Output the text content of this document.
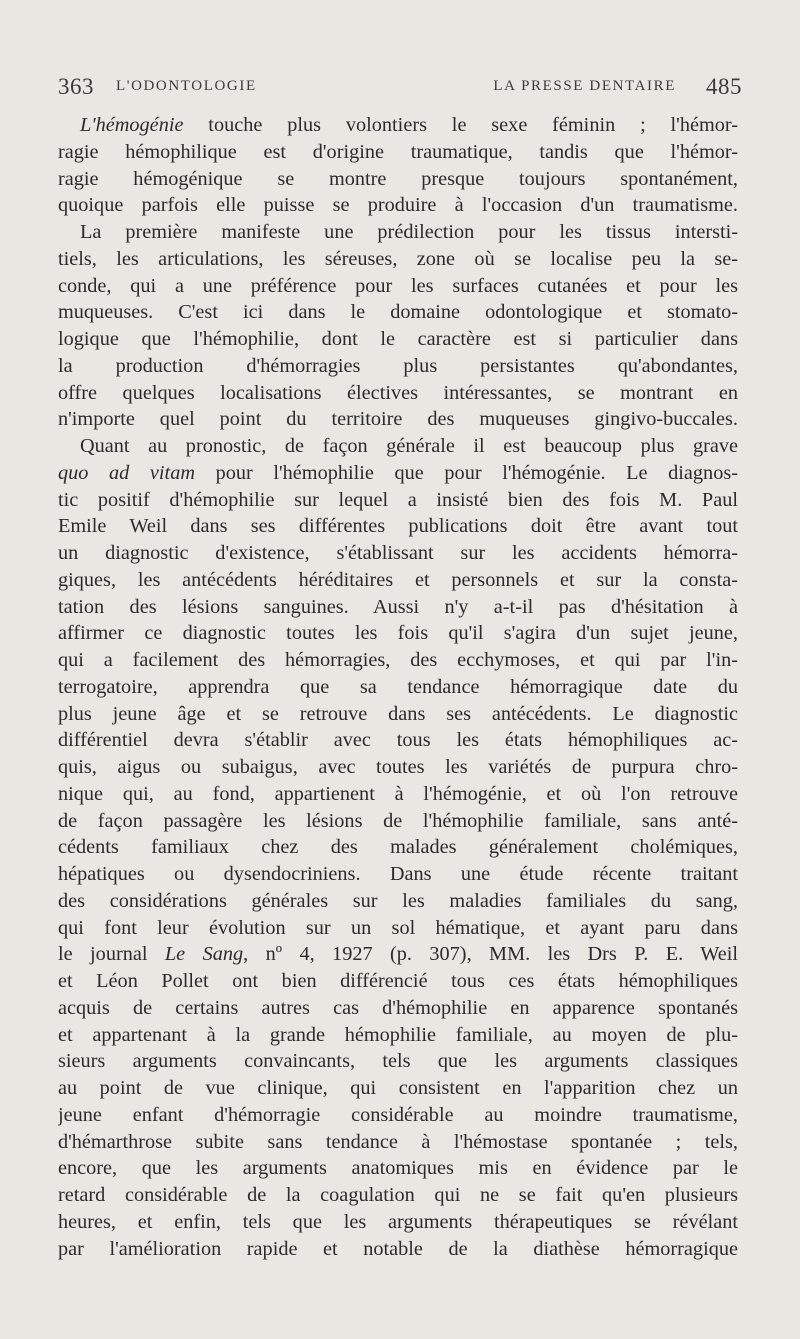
363 L'ODONTOLOGIE	LA PRESSE DENTAIRE 485
L'hémogénie touche plus volontiers le sexe féminin ; l'hémor-
ragie hémophilique est d'origine traumatique, tandis que l'hémor-
ragie hémogénique se montre presque toujours spontanément,
quoique parfois elle puisse se produire à l'occasion d'un traumatisme.
La première manifeste une prédilection pour les tissus intersti-
tiels, les articulations, les séreuses, zone où se localise peu la se-
conde, qui a une préférence pour les surfaces cutanées et pour les
muqueuses. C'est ici dans le domaine odontologique et stomato-
logique que l'hémophilie, dont le caractère est si particulier dans
la production d'hémorragies plus persistantes qu'abondantes,
offre quelques localisations électives intéressantes, se montrant en
n'importe quel point du territoire des muqueuses gingivo-buccales.
Quant au pronostic, de façon générale il est beaucoup plus grave
quo ad vitam pour l'hémophilie que pour l'hémogénie. Le diagnos-
tic positif d'hémophilie sur lequel a insisté bien des fois M. Paul
Emile Weil dans ses différentes publications doit être avant tout
un diagnostic d'existence, s'établissant sur les accidents hémorra-
giques, les antécédents héréditaires et personnels et sur la consta-
tation des lésions sanguines. Aussi n'y a-t-il pas d'hésitation à
affirmer ce diagnostic toutes les fois qu'il s'agira d'un sujet jeune,
qui a facilement des hémorragies, des ecchymoses, et qui par l'in-
terrogatoire, apprendra que sa tendance hémorragique date du
plus jeune âge et se retrouve dans ses antécédents. Le diagnostic
différentiel devra s'établir avec tous les états hémophiliques ac-
quis, aigus ou subaigus, avec toutes les variétés de purpura chro-
nique qui, au fond, appartienent à l'hémogénie, et où l'on retrouve
de façon passagère les lésions de l'hémophilie familiale, sans anté-
cédents familiaux chez des malades généralement cholémiques,
hépatiques ou dysendocriniens. Dans une étude récente traitant
des considérations générales sur les maladies familiales du sang,
qui font leur évolution sur un sol hématique, et ayant paru dans
le journal Le Sang, nº 4, 1927 (p. 307), MM. les Drs P. E. Weil
et Léon Pollet ont bien différencié tous ces états hémophiliques
acquis de certains autres cas d'hémophilie en apparence spontanés
et appartenant à la grande hémophilie familiale, au moyen de plu-
sieurs arguments convaincants, tels que les arguments classiques
au point de vue clinique, qui consistent en l'apparition chez un
jeune enfant d'hémorragie considérable au moindre traumatisme,
d'hémarthrose subite sans tendance à l'hémostase spontanée ; tels,
encore, que les arguments anatomiques mis en évidence par le
retard considérable de la coagulation qui ne se fait qu'en plusieurs
heures, et enfin, tels que les arguments thérapeutiques se révélant
par l'amélioration rapide et notable de la diathèse hémorragique
